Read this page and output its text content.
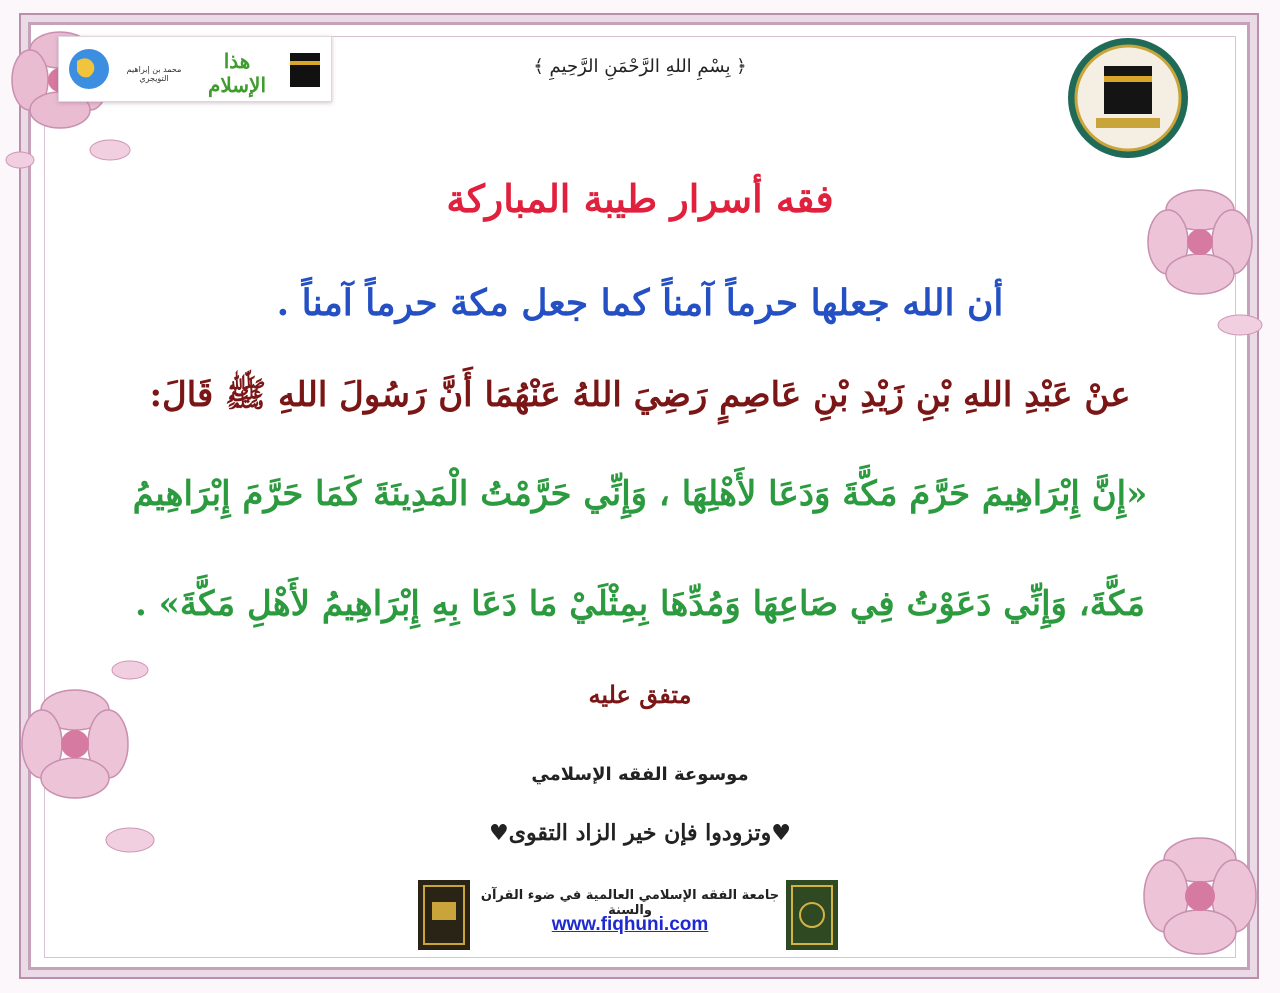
محمد بن إبراهيم التويجري
هذا الإسلام
﴿ بِسْمِ اللهِ الرَّحْمَنِ الرَّحِيمِ ﴾
فقه أسرار طيبة المباركة
أن الله جعلها حرماً آمناً كما جعل مكة حرماً آمناً .
عنْ عَبْدِ اللهِ بْنِ زَيْدِ بْنِ عَاصِمٍ رَضِيَ اللهُ عَنْهُمَا أَنَّ رَسُولَ اللهِ ﷺ قَالَ:
«إِنَّ إِبْرَاهِيمَ حَرَّمَ مَكَّةَ وَدَعَا لأَهْلِهَا ، وَإِنِّي حَرَّمْتُ الْمَدِينَةَ كَمَا حَرَّمَ إِبْرَاهِيمُ
مَكَّةَ، وَإِنِّي دَعَوْتُ فِي صَاعِهَا وَمُدِّهَا بِمِثْلَيْ مَا دَعَا بِهِ إِبْرَاهِيمُ لأَهْلِ مَكَّةَ» .
متفق عليه
موسوعة الفقه الإسلامي
♥وتزودوا فإن خير الزاد التقوى♥
جامعة الفقه الإسلامي العالمية في ضوء القرآن والسنة
www.fiqhuni.com
